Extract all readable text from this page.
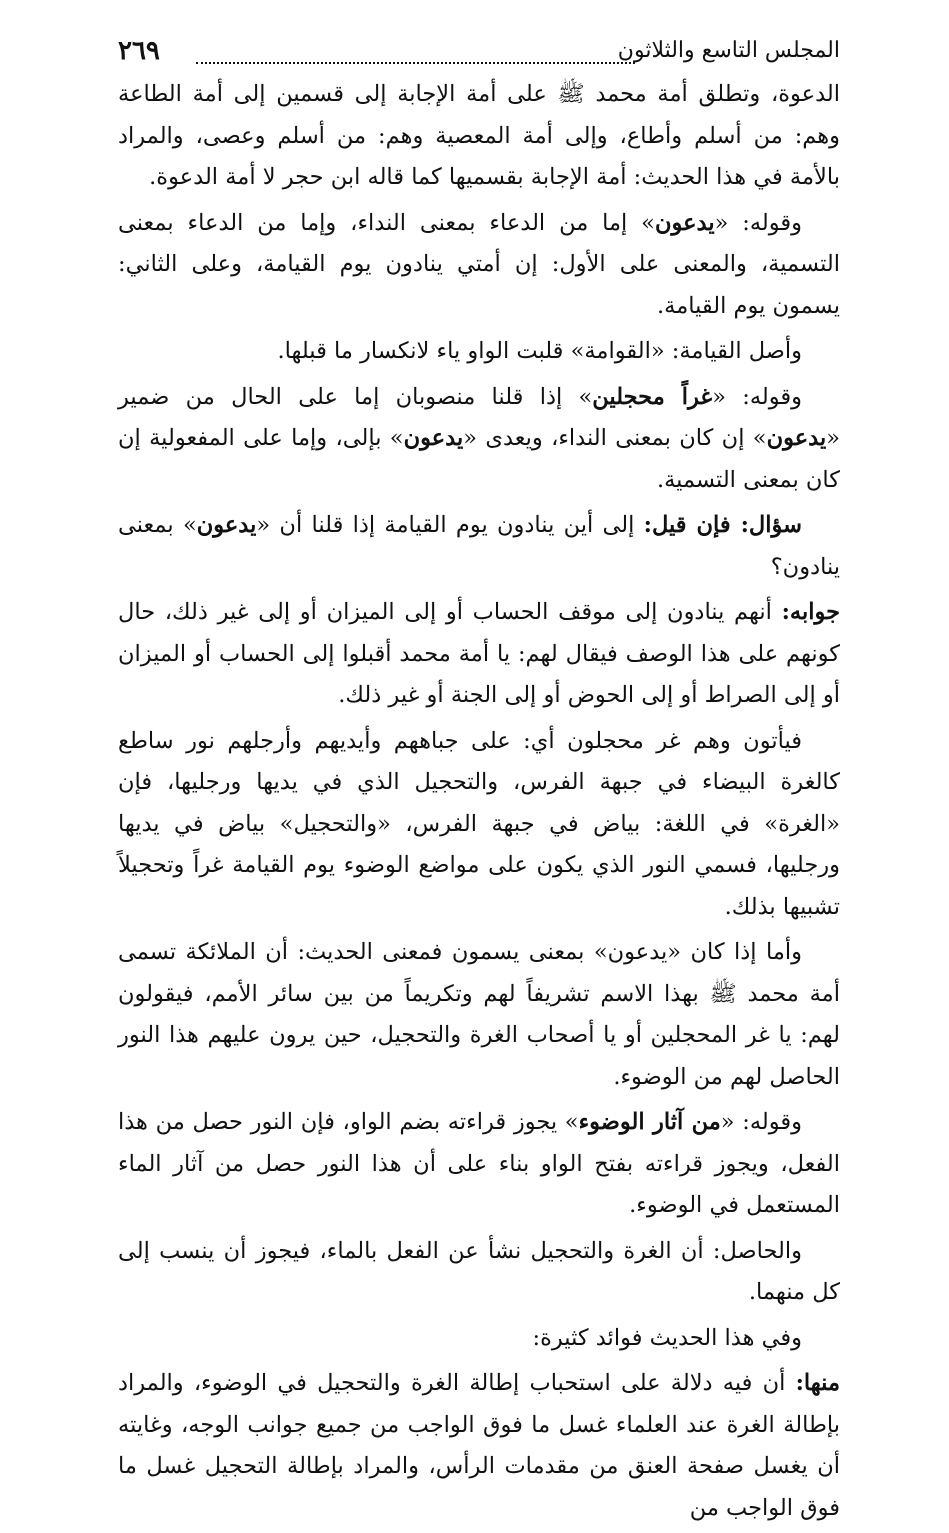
المجلس التاسع والثلاثون
٢٦٩

الدعوة، وتطلق أمة محمد ﷺ على أمة الإجابة إلى قسمين إلى أمة الطاعة وهم: من أسلم وأطاع، وإلى أمة المعصية وهم: من أسلم وعصى، والمراد بالأمة في هذا الحديث: أمة الإجابة بقسميها كما قاله ابن حجر لا أمة الدعوة.

وقوله: «يدعون» إما من الدعاء بمعنى النداء، وإما من الدعاء بمعنى التسمية، والمعنى على الأول: إن أمتي ينادون يوم القيامة، وعلى الثاني: يسمون يوم القيامة.

وأصل القيامة: «القوامة» قلبت الواو ياء لانكسار ما قبلها.

وقوله: «غراً محجلين» إذا قلنا منصوبان إما على الحال من ضمير «يدعون» إن كان بمعنى النداء، ويعدى «يدعون» بإلى، وإما على المفعولية إن كان بمعنى التسمية.

سؤال: فإن قيل: إلى أين ينادون يوم القيامة إذا قلنا أن «يدعون» بمعنى ينادون؟

جوابه: أنهم ينادون إلى موقف الحساب أو إلى الميزان أو إلى غير ذلك، حال كونهم على هذا الوصف فيقال لهم: يا أمة محمد أقبلوا إلى الحساب أو الميزان أو إلى الصراط أو إلى الحوض أو إلى الجنة أو غير ذلك.

فيأتون وهم غر محجلون أي: على جباههم وأيديهم وأرجلهم نور ساطع كالغرة البيضاء في جبهة الفرس، والتحجيل الذي في يديها ورجليها، فإن «الغرة» في اللغة: بياض في جبهة الفرس، «والتحجيل» بياض في يديها ورجليها، فسمي النور الذي يكون على مواضع الوضوء يوم القيامة غراً وتحجيلاً تشبيها بذلك.

وأما إذا كان «يدعون» بمعنى يسمون فمعنى الحديث: أن الملائكة تسمى أمة محمد ﷺ بهذا الاسم تشريفاً لهم وتكريماً من بين سائر الأمم، فيقولون لهم: يا غر المحجلين أو يا أصحاب الغرة والتحجيل، حين يرون عليهم هذا النور الحاصل لهم من الوضوء.

وقوله: «من آثار الوضوء» يجوز قراءته بضم الواو، فإن النور حصل من هذا الفعل، ويجوز قراءته بفتح الواو بناء على أن هذا النور حصل من آثار الماء المستعمل في الوضوء.

والحاصل: أن الغرة والتحجيل نشأ عن الفعل بالماء، فيجوز أن ينسب إلى كل منهما.

وفي هذا الحديث فوائد كثيرة:

منها: أن فيه دلالة على استحباب إطالة الغرة والتحجيل في الوضوء، والمراد بإطالة الغرة عند العلماء غسل ما فوق الواجب من جميع جوانب الوجه، وغايته أن يغسل صفحة العنق من مقدمات الرأس، والمراد بإطالة التحجيل غسل ما فوق الواجب من
